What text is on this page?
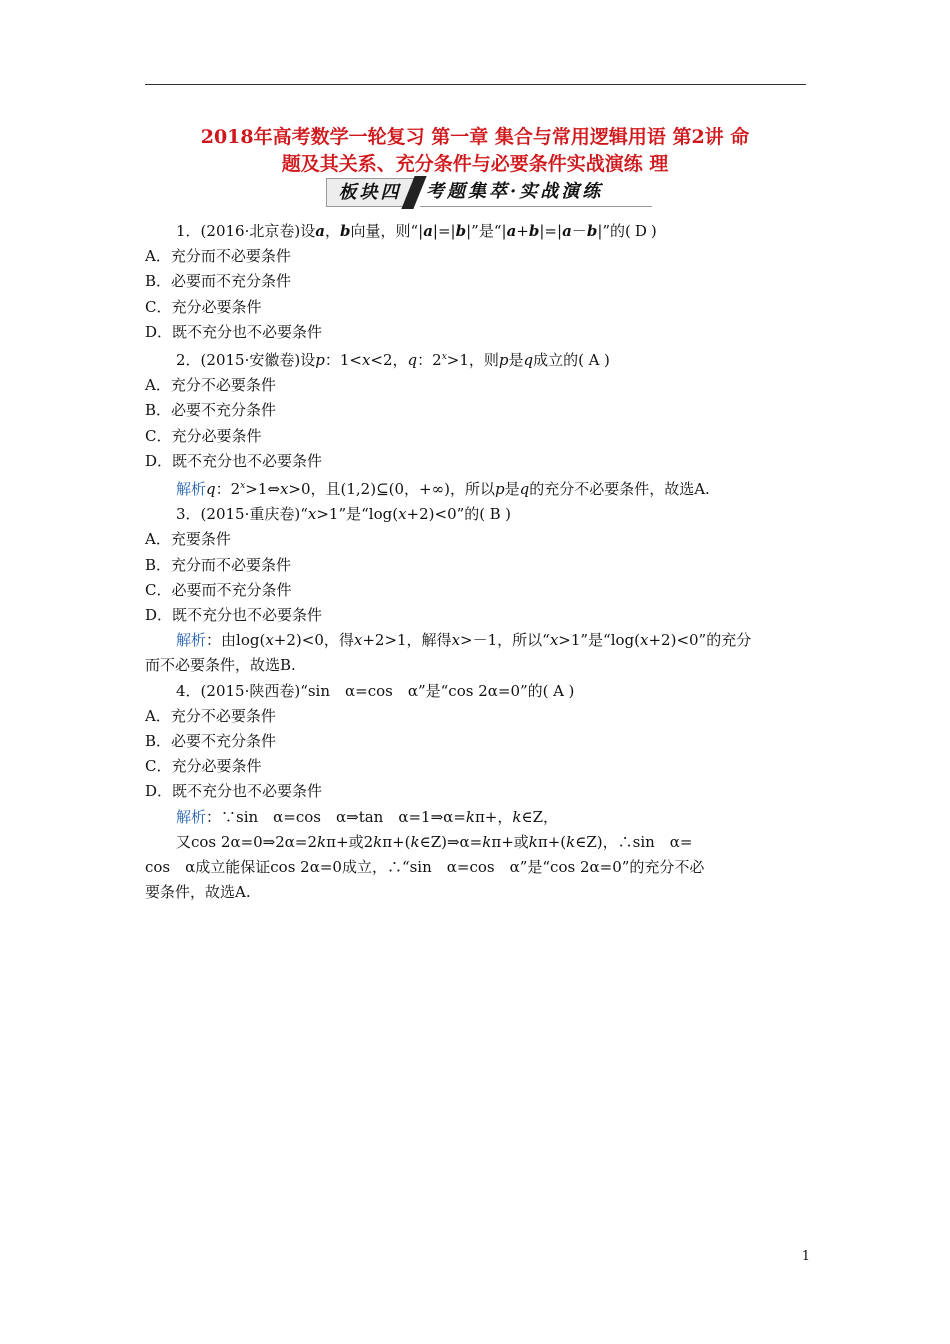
2018年高考数学一轮复习 第一章 集合与常用逻辑用语 第2讲 命
题及其关系、充分条件与必要条件实战演练 理
板块四	考题集萃·实战演练
1．(2016·北京卷)设a，b向量，则“|a|=|b|”是“|a+b|=|a－b|”的( D )
A．充分而不必要条件
B．必要而不充分条件
C．充分必要条件
D．既不充分也不必要条件
2．(2015·安徽卷)设p：1<x<2，q：$2^x>1$，则p是q成立的( A )
A．充分不必要条件
B．必要不充分条件
C．充分必要条件
D．既不充分也不必要条件
解析q：$2^x>1\Leftrightarrow x>0$，且(1,2)⊆(0，+∞)，所以p是q的充分不必要条件，故选A.
3．(2015·重庆卷)“x>1”是“log(x+2)<0”的( B )
A．充要条件
B．充分而不必要条件
C．必要而不充分条件
D．既不充分也不必要条件
解析：由log(x+2)<0，得x+2>1，解得x>－1，所以“x>1”是“log(x+2)<0”的充分
而不必要条件，故选B.
4．(2015·陕西卷)“sin　α=cos　α”是“cos 2α=0”的( A )
A．充分不必要条件
B．必要不充分条件
C．充分必要条件
D．既不充分也不必要条件
解析：∵sin　α=cos　α⇒tan　α=1⇒α=kπ+，k∈Z，
又cos 2α=0⇒2α=2kπ+或2kπ+(k∈Z)⇒α=kπ+或kπ+(k∈Z)，∴sin　α=
cos　α成立能保证cos 2α=0成立，∴“sin　α=cos　α”是“cos 2α=0”的充分不必
要条件，故选A.
1
